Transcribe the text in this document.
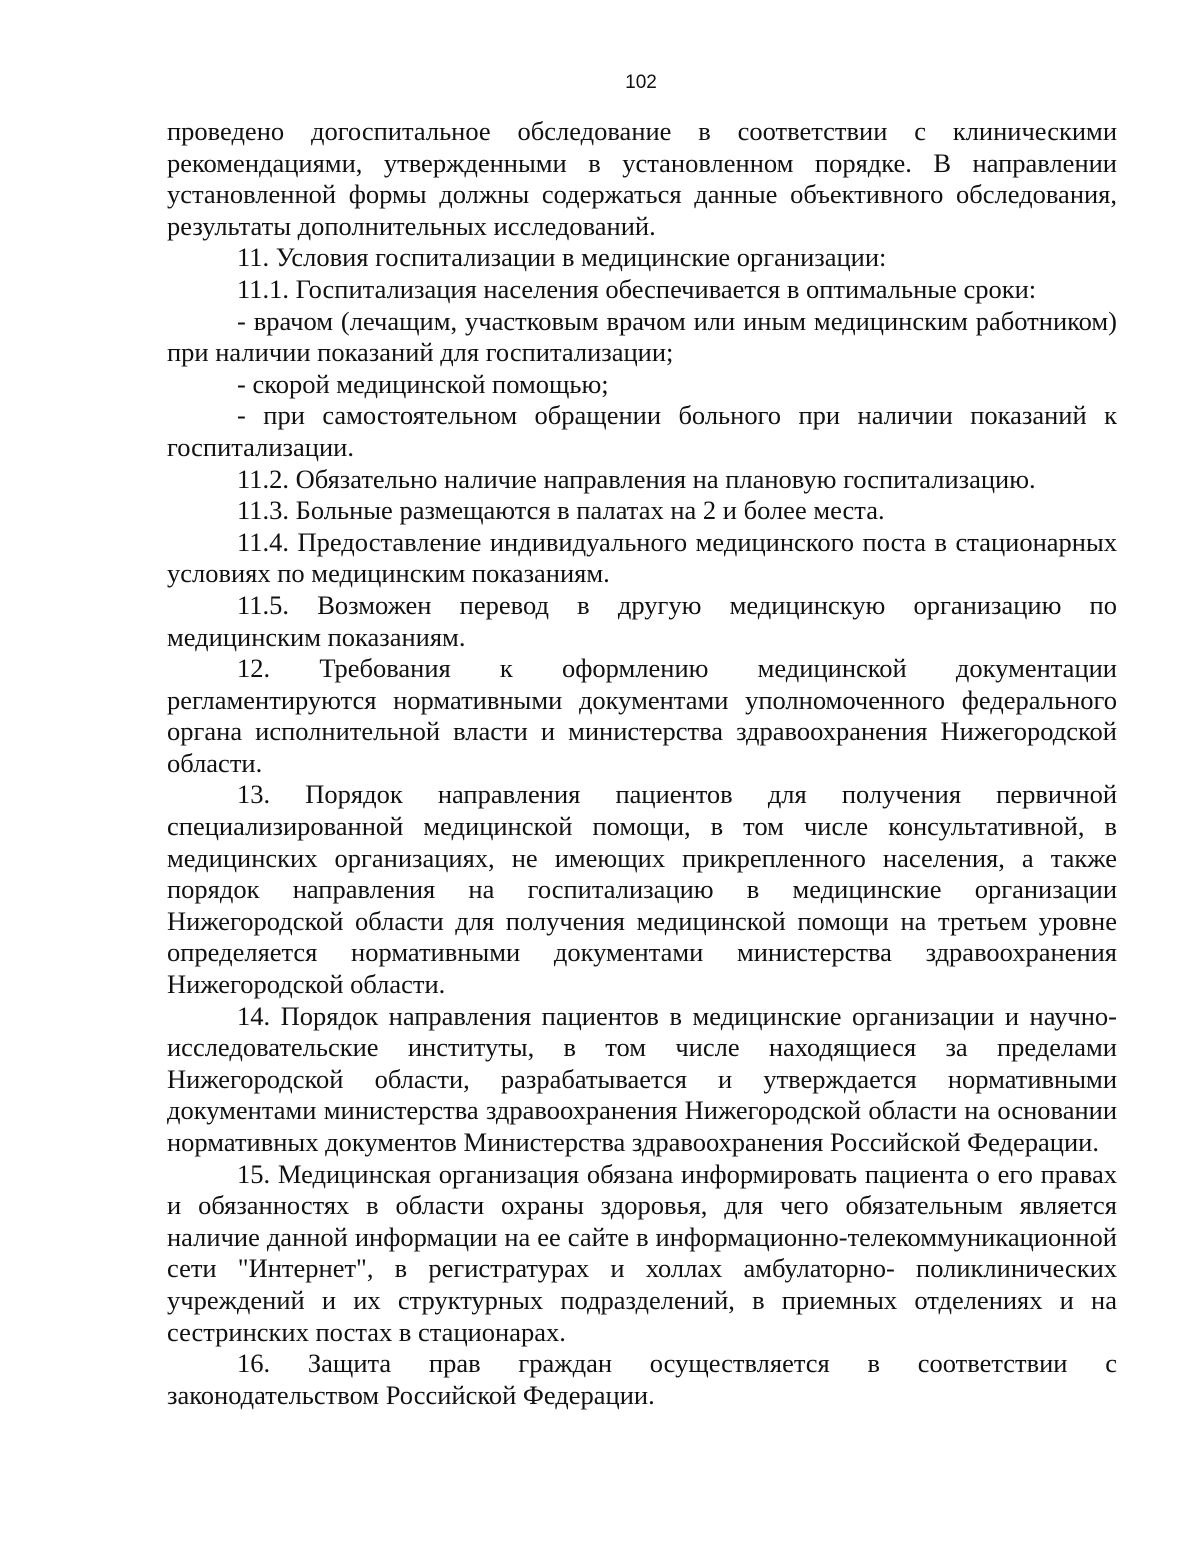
102

проведено догоспитальное обследование в соответствии с клиническими рекомендациями, утвержденными в установленном порядке. В направлении установленной формы должны содержаться данные объективного обследования, результаты дополнительных исследований.

11. Условия госпитализации в медицинские организации:

11.1. Госпитализация населения обеспечивается в оптимальные сроки:

- врачом (лечащим, участковым врачом или иным медицинским работником) при наличии показаний для госпитализации;

- скорой медицинской помощью;

- при самостоятельном обращении больного при наличии показаний к госпитализации.

11.2. Обязательно наличие направления на плановую госпитализацию.

11.3. Больные размещаются в палатах на 2 и более места.

11.4. Предоставление индивидуального медицинского поста в стационарных условиях по медицинским показаниям.

11.5. Возможен перевод в другую медицинскую организацию по медицинским показаниям.

12. Требования к оформлению медицинской документации регламентируются нормативными документами уполномоченного федерального органа исполнительной власти и министерства здравоохранения Нижегородской области.

13. Порядок направления пациентов для получения первичной специализированной медицинской помощи, в том числе консультативной, в медицинских организациях, не имеющих прикрепленного населения, а также порядок направления на госпитализацию в медицинские организации Нижегородской области для получения медицинской помощи на третьем уровне определяется нормативными документами министерства здравоохранения Нижегородской области.

14. Порядок направления пациентов в медицинские организации и научно-исследовательские институты, в том числе находящиеся за пределами Нижегородской области, разрабатывается и утверждается нормативными документами министерства здравоохранения Нижегородской области на основании нормативных документов Министерства здравоохранения Российской Федерации.

15. Медицинская организация обязана информировать пациента о его правах и обязанностях в области охраны здоровья, для чего обязательным является наличие данной информации на ее сайте в информационно-телекоммуникационной сети "Интернет", в регистратурах и холлах амбулаторно- поликлинических учреждений и их структурных подразделений, в приемных отделениях и на сестринских постах в стационарах.

16. Защита прав граждан осуществляется в соответствии с законодательством Российской Федерации.
